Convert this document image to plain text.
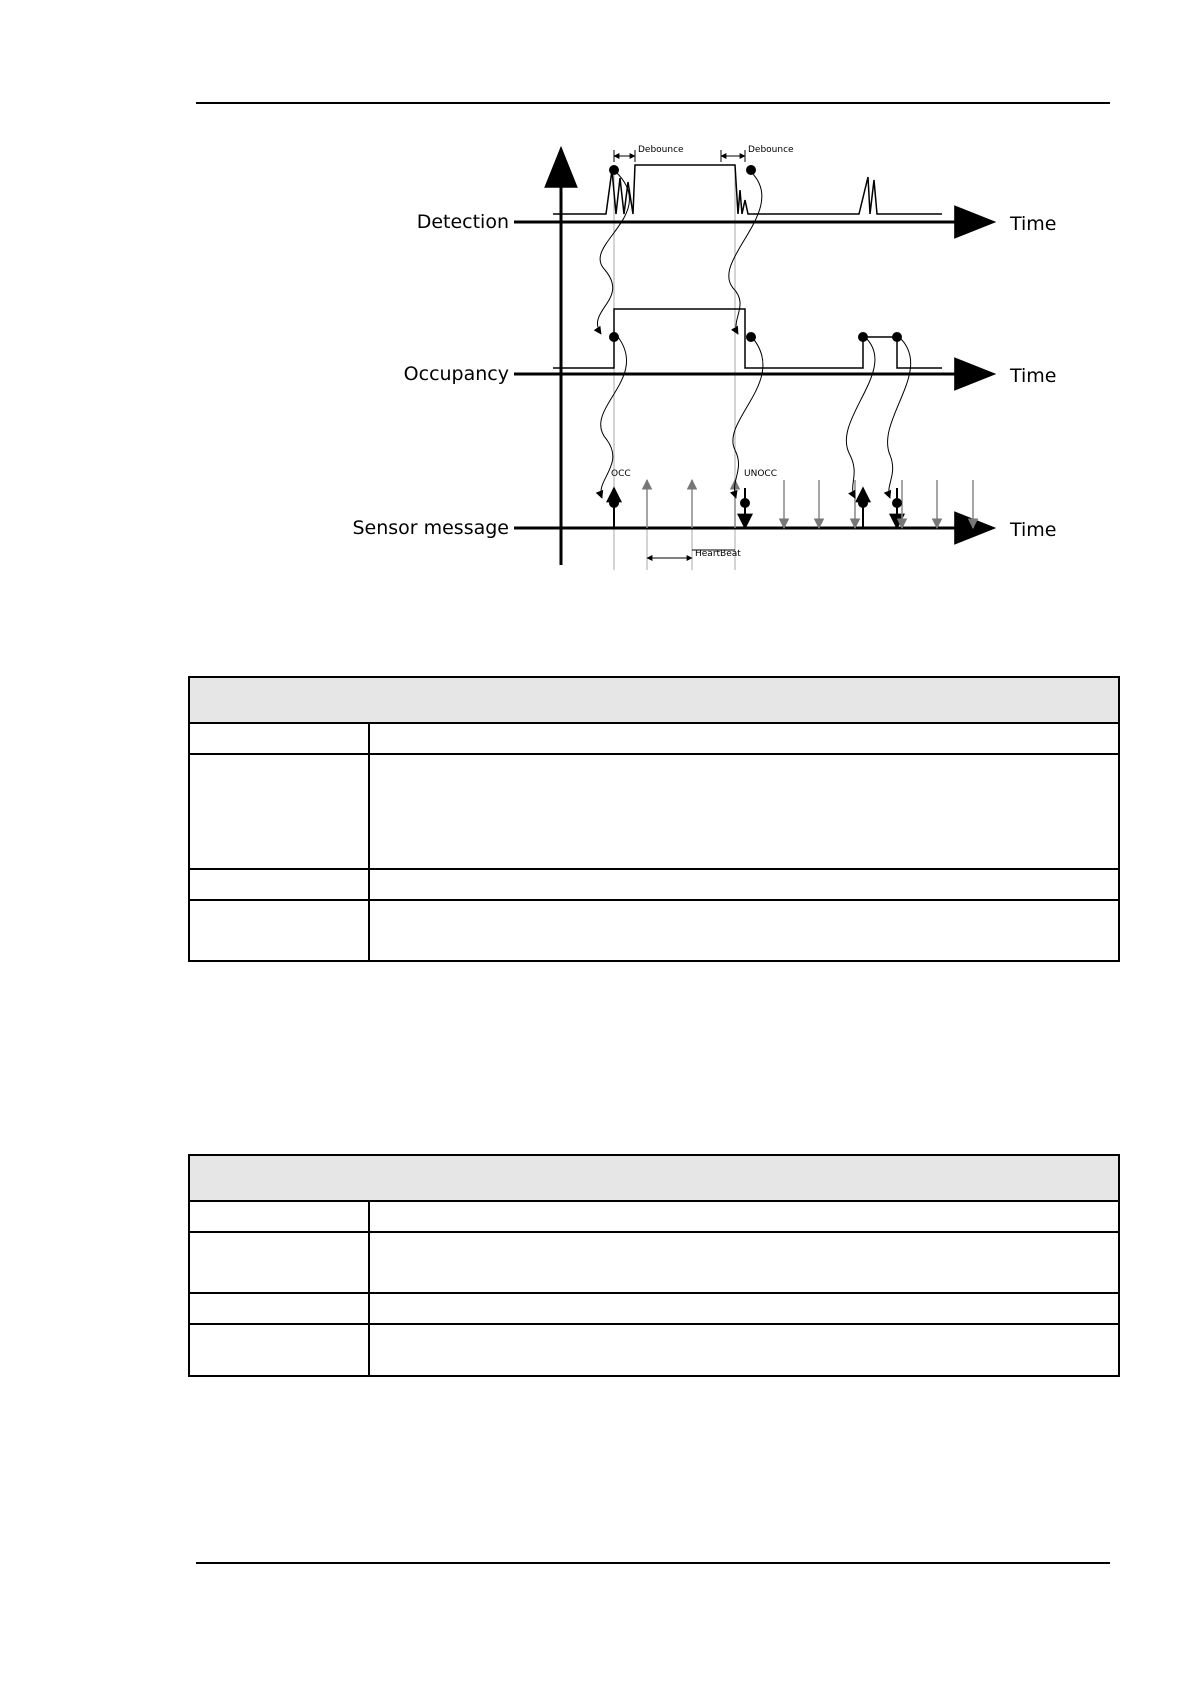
Detection	Time
Debounce	Debounce
Occupancy	Time
Sensor message	Time
OCC	UNOCC
HeartBeat
